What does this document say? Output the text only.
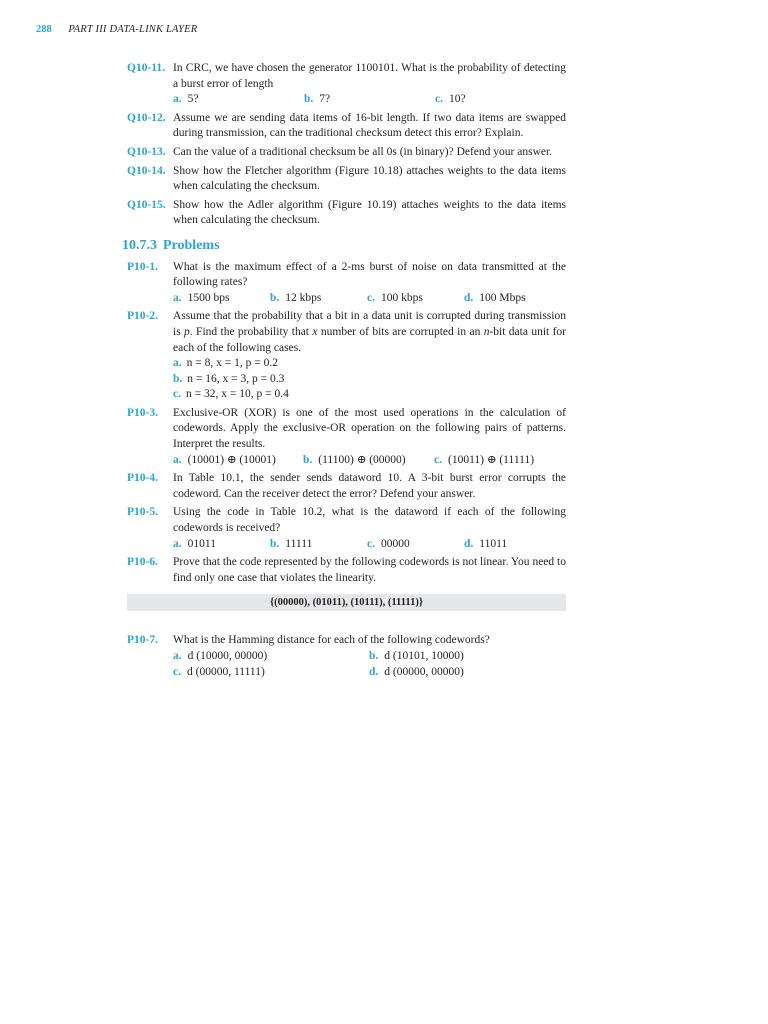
288 PART III DATA-LINK LAYER
Q10-11. In CRC, we have chosen the generator 1100101. What is the probability of detecting a burst error of length
a. 5?	b. 7?	c. 10?
Q10-12. Assume we are sending data items of 16-bit length. If two data items are swapped during transmission, can the traditional checksum detect this error? Explain.
Q10-13. Can the value of a traditional checksum be all 0s (in binary)? Defend your answer.
Q10-14. Show how the Fletcher algorithm (Figure 10.18) attaches weights to the data items when calculating the checksum.
Q10-15. Show how the Adler algorithm (Figure 10.19) attaches weights to the data items when calculating the checksum.
10.7.3 Problems
P10-1. What is the maximum effect of a 2-ms burst of noise on data transmitted at the following rates?
a. 1500 bps	b. 12 kbps	c. 100 kbps	d. 100 Mbps
P10-2. Assume that the probability that a bit in a data unit is corrupted during transmission is p. Find the probability that x number of bits are corrupted in an n-bit data unit for each of the following cases.
a. n = 8, x = 1, p = 0.2
b. n = 16, x = 3, p = 0.3
c. n = 32, x = 10, p = 0.4
P10-3. Exclusive-OR (XOR) is one of the most used operations in the calculation of codewords. Apply the exclusive-OR operation on the following pairs of patterns. Interpret the results.
a. (10001) ⊕ (10001)	b. (11100) ⊕ (00000)	c. (10011) ⊕ (11111)
P10-4. In Table 10.1, the sender sends dataword 10. A 3-bit burst error corrupts the codeword. Can the receiver detect the error? Defend your answer.
P10-5. Using the code in Table 10.2, what is the dataword if each of the following codewords is received?
a. 01011	b. 11111	c. 00000	d. 11011
P10-6. Prove that the code represented by the following codewords is not linear. You need to find only one case that violates the linearity.
{(00000), (01011), (10111), (11111)}
P10-7. What is the Hamming distance for each of the following codewords?
a. d (10000, 00000)	b. d (10101, 10000)
c. d (00000, 11111)	d. d (00000, 00000)
